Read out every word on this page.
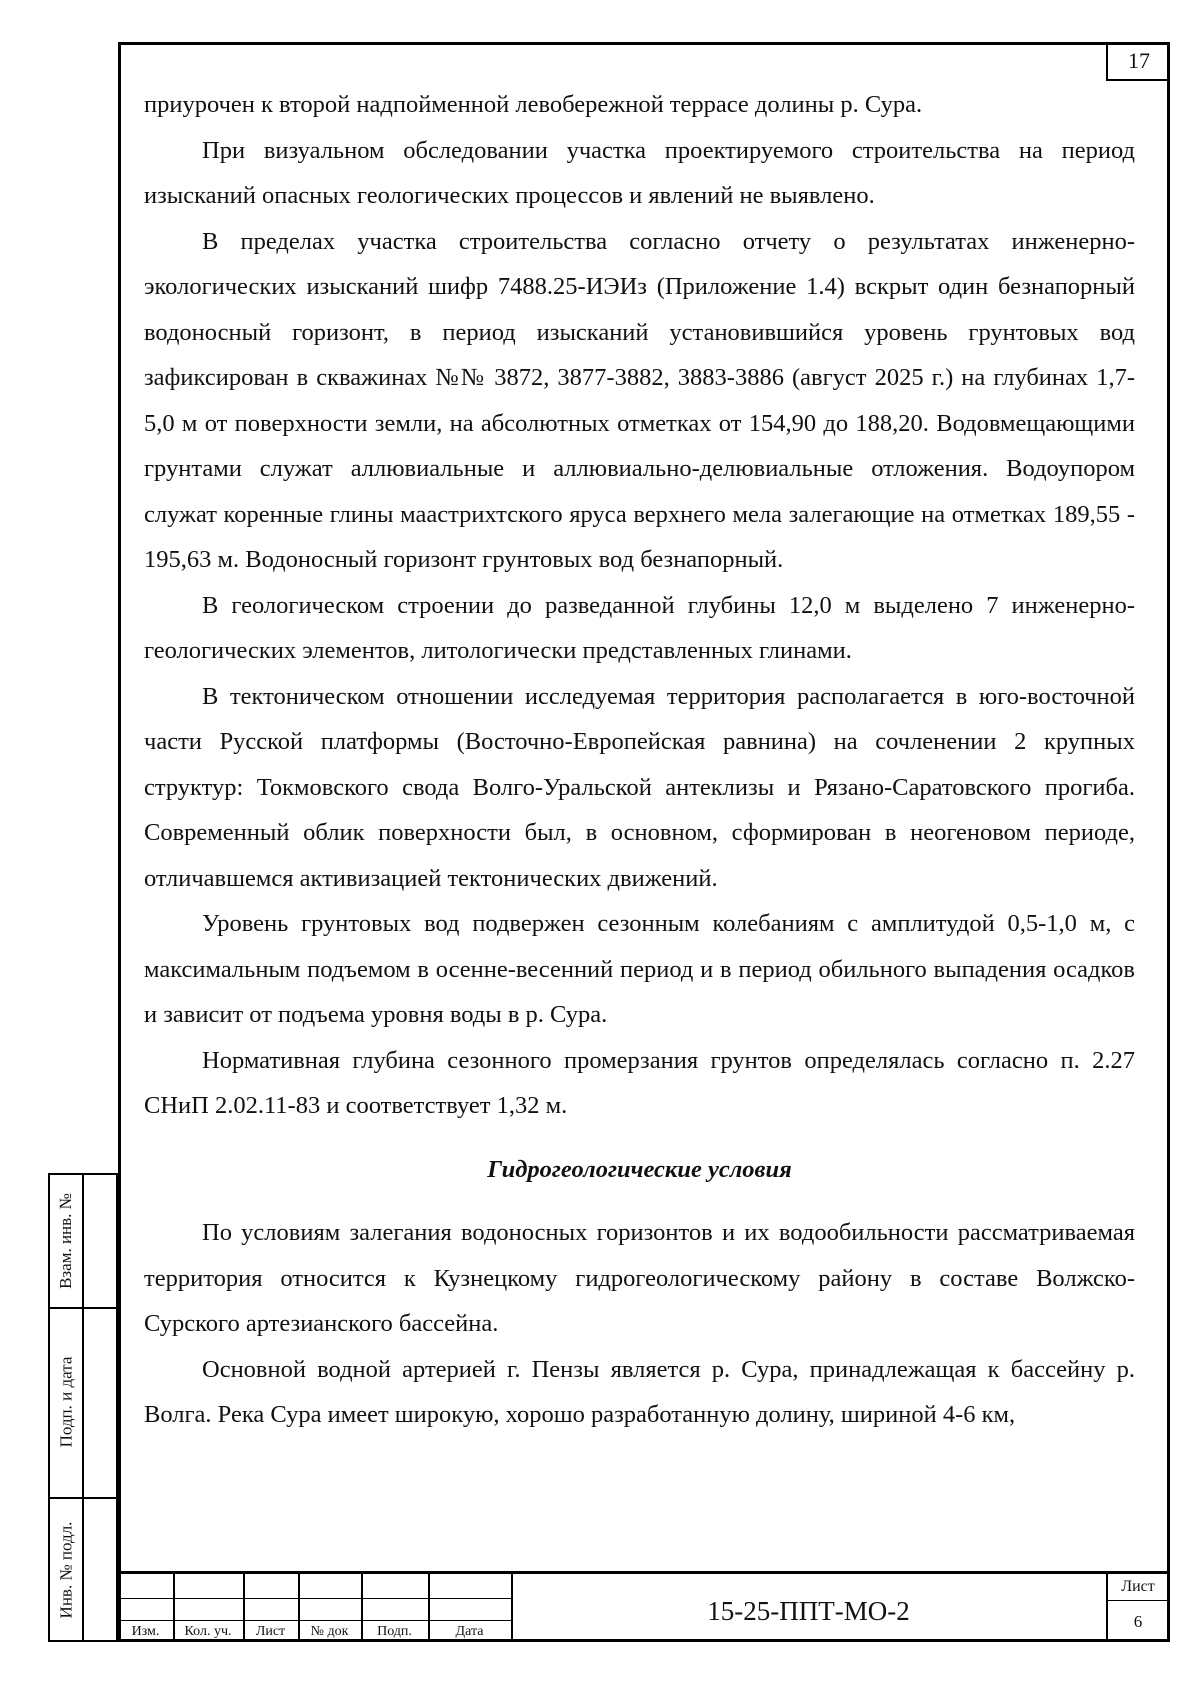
17

приурочен к второй надпойменной левобережной террасе долины р. Сура.

При визуальном обследовании участка проектируемого строительства на период изысканий опасных геологических процессов и явлений не выявлено.

В пределах участка строительства согласно отчету о результатах инженерно-экологических изысканий шифр 7488.25-ИЭИз (Приложение 1.4) вскрыт один безнапорный водоносный горизонт, в период изысканий установившийся уровень грунтовых вод зафиксирован в скважинах №№ 3872, 3877-3882, 3883-3886 (август 2025 г.) на глубинах 1,7-5,0 м от поверхности земли, на абсолютных отметках от 154,90 до 188,20. Водовмещающими грунтами служат аллювиальные и аллювиально-делювиальные отложения. Водоупором служат коренные глины маастрихтского яруса верхнего мела залегающие на отметках 189,55 - 195,63 м. Водоносный горизонт грунтовых вод безнапорный.

В геологическом строении до разведанной глубины 12,0 м выделено 7 инженерно-геологических элементов, литологически представленных глинами.

В тектоническом отношении исследуемая территория располагается в юго-восточной части Русской платформы (Восточно-Европейская равнина) на сочленении 2 крупных структур: Токмовского свода Волго-Уральской антеклизы и Рязано-Саратовского прогиба. Современный облик поверхности был, в основном, сформирован в неогеновом периоде, отличавшемся активизацией тектонических движений.

Уровень грунтовых вод подвержен сезонным колебаниям с амплитудой 0,5-1,0 м, с максимальным подъемом в осенне-весенний период и в период обильного выпадения осадков и зависит от подъема уровня воды в р. Сура.

Нормативная глубина сезонного промерзания грунтов определялась согласно п. 2.27 СНиП 2.02.11-83 и соответствует 1,32 м.

Гидрогеологические условия

По условиям залегания водоносных горизонтов и их водообильности рассматриваемая территория относится к Кузнецкому гидрогеологическому району в составе Волжско-Сурского артезианского бассейна.

Основной водной артерией г. Пензы является р. Сура, принадлежащая к бассейну р. Волга. Река Сура имеет широкую, хорошо разработанную долину, шириной 4-6 км,

Взам. инв. №
Подп. и дата
Инв. № подл.
Изм.	Кол. уч.	Лист	№ док	Подп.	Дата
15-25-ППТ-МО-2
Лист
6
